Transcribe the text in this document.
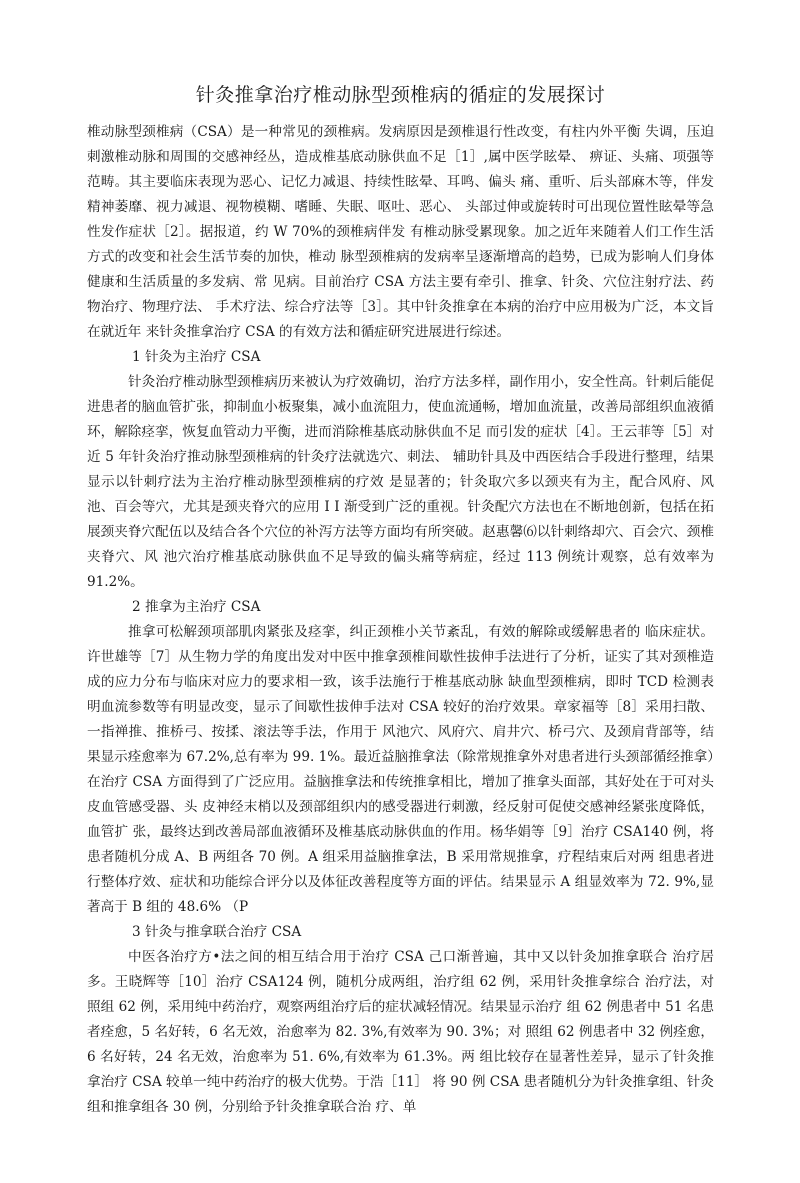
针灸推拿治疗椎动脉型颈椎病的循症的发展探讨

椎动脉型颈椎病（CSA）是一种常见的颈椎病。发病原因是颈椎退行性改变，有柱内外平衡 失调，压迫刺激椎动脉和周围的交感神经丛，造成椎基底动脉供血不足［1］,属中医学眩晕、 痹证、头痛、项强等范畴。其主要临床表现为恶心、记忆力减退、持续性眩晕、耳鸣、偏头 痛、重听、后头部麻木等，伴发精神萎靡、视力减退、视物模糊、嗜睡、失眠、呕吐、恶心、 头部过伸或旋转时可出现位置性眩晕等急性发作症状［2］。据报道，约 W 70%的颈椎病伴发 有椎动脉受累现象。加之近年来随着人们工作生活方式的改变和社会生活节奏的加快，椎动 脉型颈椎病的发病率呈逐渐增高的趋势，已成为影响人们身体健康和生活质量的多发病、常 见病。目前治疗 CSA 方法主要有牵引、推拿、针灸、穴位注射疗法、药物治疗、物理疗法、 手术疗法、综合疗法等［3］。其中针灸推拿在本病的治疗中应用极为广泛，本文旨在就近年 来针灸推拿治疗 CSA 的有效方法和循症研究进展进行综述。

1 针灸为主治疗 CSA

针灸治疗椎动脉型颈椎病历来被认为疗效确切，治疗方法多样，副作用小，安全性高。针刺后能促进患者的脑血管扩张，抑制血小板聚集，减小血流阻力，使血流通畅，增加血流量，改善局部组织血液循环，解除痉挛，恢复血管动力平衡，进而消除椎基底动脉供血不足 而引发的症状［4］。王云菲等［5］对近 5 年针灸治疗推动脉型颈椎病的针灸疗法就选穴、刺法、 辅助针具及中西医结合手段进行整理，结果显示以针刺疗法为主治疗椎动脉型颈椎病的疗效 是显著的；针灸取穴多以颈夹有为主，配合风府、风池、百会等穴，尤其是颈夹脊穴的应用 I I 渐受到广泛的重视。针灸配穴方法也在不断地创新，包括在拓展颈夹脊穴配伍以及结合各个穴位的补泻方法等方面均有所突破。赵惠馨⑹以针刺络却穴、百会穴、颈椎夹脊穴、风 池穴治疗椎基底动脉供血不足导致的偏头痛等病症，经过 113 例统计观察，总有效率为 91.2%。

2 推拿为主治疗 CSA

推拿可松解颈项部肌肉紧张及痉挛，纠正颈椎小关节紊乱，有效的解除或缓解患者的 临床症状。许世雄等［7］从生物力学的角度出发对中医中推拿颈椎间歇性拔伸手法进行了分析，证实了其对颈椎造成的应力分布与临床对应力的要求相一致，该手法施行于椎基底动脉 缺血型颈椎病，即时 TCD 检测表明血流参数等有明显改变，显示了间歇性拔伸手法对 CSA 较好的治疗效果。章家福等［8］采用扫散、一指禅推、推桥弓、按揉、滚法等手法，作用于 风池穴、风府穴、肩井穴、桥弓穴、及颈肩背部等，结果显示痊愈率为 67.2%,总有率为 99. 1%。最近益脑推拿法（除常规推拿外对患者进行头颈部循经推拿）在治疗 CSA 方面得到了广泛应用。益脑推拿法和传统推拿相比，增加了推拿头面部，其好处在于可对头皮血管感受器、头 皮神经末梢以及颈部组织内的感受器进行刺激，经反射可促使交感神经紧张度降低，血管扩 张，最终达到改善局部血液循环及椎基底动脉供血的作用。杨华娟等［9］治疗 CSA140 例，将 患者随机分成 A、B 两组各 70 例。A 组采用益脑推拿法，B 采用常规推拿，疗程结束后对两 组患者进行整体疗效、症状和功能综合评分以及体征改善程度等方面的评估。结果显示 A 组显效率为 72. 9%,显著高于 B 组的 48.6% （P

3 针灸与推拿联合治疗 CSA

中医各治疗方•法之间的相互结合用于治疗 CSA 己口渐普遍，其中又以针灸加推拿联合 治疗居多。王晓辉等［10］治疗 CSA124 例，随机分成两组，治疗组 62 例，采用针灸推拿综合 治疗法，对照组 62 例，采用纯中药治疗，观察两组治疗后的症状减轻情况。结果显示治疗 组 62 例患者中 51 名患者痊愈，5 名好转，6 名无效，治愈率为 82. 3%,有效率为 90. 3%；对 照组 62 例患者中 32 例痊愈，6 名好转，24 名无效，治愈率为 51. 6%,有效率为 61.3%。两 组比较存在显著性差异，显示了针灸推拿治疗 CSA 较单一纯中药治疗的极大优势。于浩［11］ 将 90 例 CSA 患者随机分为针灸推拿组、针灸组和推拿组各 30 例，分别给予针灸推拿联合治 疗、单
